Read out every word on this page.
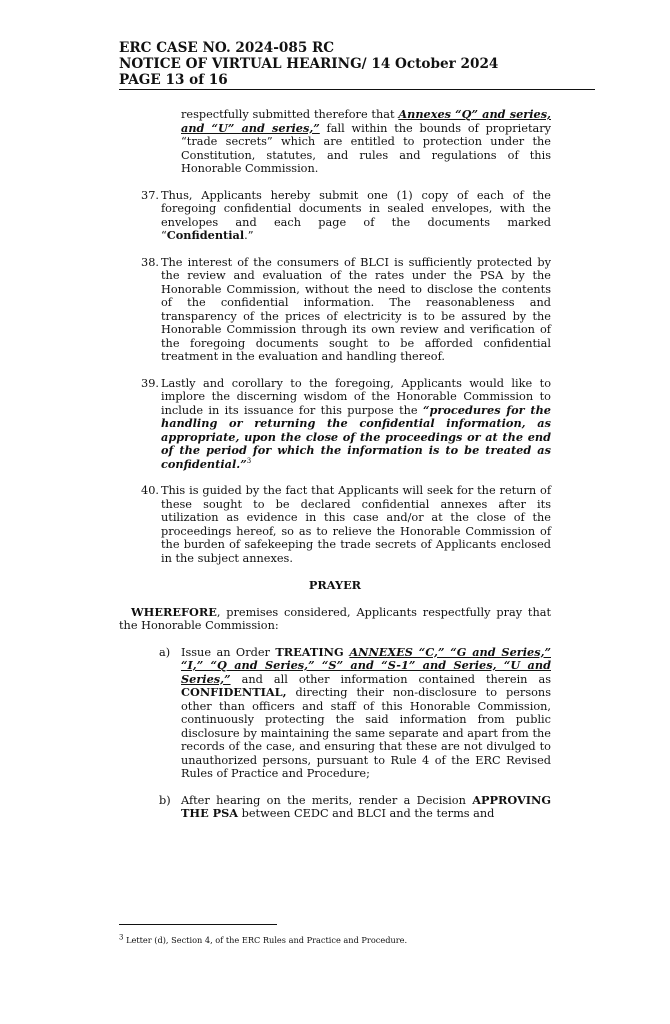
ERC CASE NO. 2024-085 RC
NOTICE OF VIRTUAL HEARING/ 14 October 2024
PAGE 13 of 16

respectfully submitted therefore that Annexes “Q” and series, and “U” and series,” fall within the bounds of proprietary “trade secrets” which are entitled to protection under the Constitution, statutes, and rules and regulations of this Honorable Commission.

37. Thus, Applicants hereby submit one (1) copy of each of the foregoing confidential documents in sealed envelopes, with the envelopes and each page of the documents marked “Confidential.”

38. The interest of the consumers of BLCI is sufficiently protected by the review and evaluation of the rates under the PSA by the Honorable Commission, without the need to disclose the contents of the confidential information. The reasonableness and transparency of the prices of electricity is to be assured by the Honorable Commission through its own review and verification of the foregoing documents sought to be afforded confidential treatment in the evaluation and handling thereof.

39. Lastly and corollary to the foregoing, Applicants would like to implore the discerning wisdom of the Honorable Commission to include in its issuance for this purpose the “procedures for the handling or returning the confidential information, as appropriate, upon the close of the proceedings or at the end of the period for which the information is to be treated as confidential.”$^3$

40. This is guided by the fact that Applicants will seek for the return of these sought to be declared confidential annexes after its utilization as evidence in this case and/or at the close of the proceedings hereof, so as to relieve the Honorable Commission of the burden of safekeeping the trade secrets of Applicants enclosed in the subject annexes.

PRAYER

WHEREFORE, premises considered, Applicants respectfully pray that the Honorable Commission:

a) Issue an Order TREATING ANNEXES “C,” “G and Series,” “I,” “Q and Series,” “S” and “S-1” and Series, “U and Series,” and all other information contained therein as CONFIDENTIAL, directing their non-disclosure to persons other than officers and staff of this Honorable Commission, continuously protecting the said information from public disclosure by maintaining the same separate and apart from the records of the case, and ensuring that these are not divulged to unauthorized persons, pursuant to Rule 4 of the ERC Revised Rules of Practice and Procedure;

b) After hearing on the merits, render a Decision APPROVING THE PSA between CEDC and BLCI and the terms and

$^3$ Letter (d), Section 4, of the ERC Rules and Practice and Procedure.
